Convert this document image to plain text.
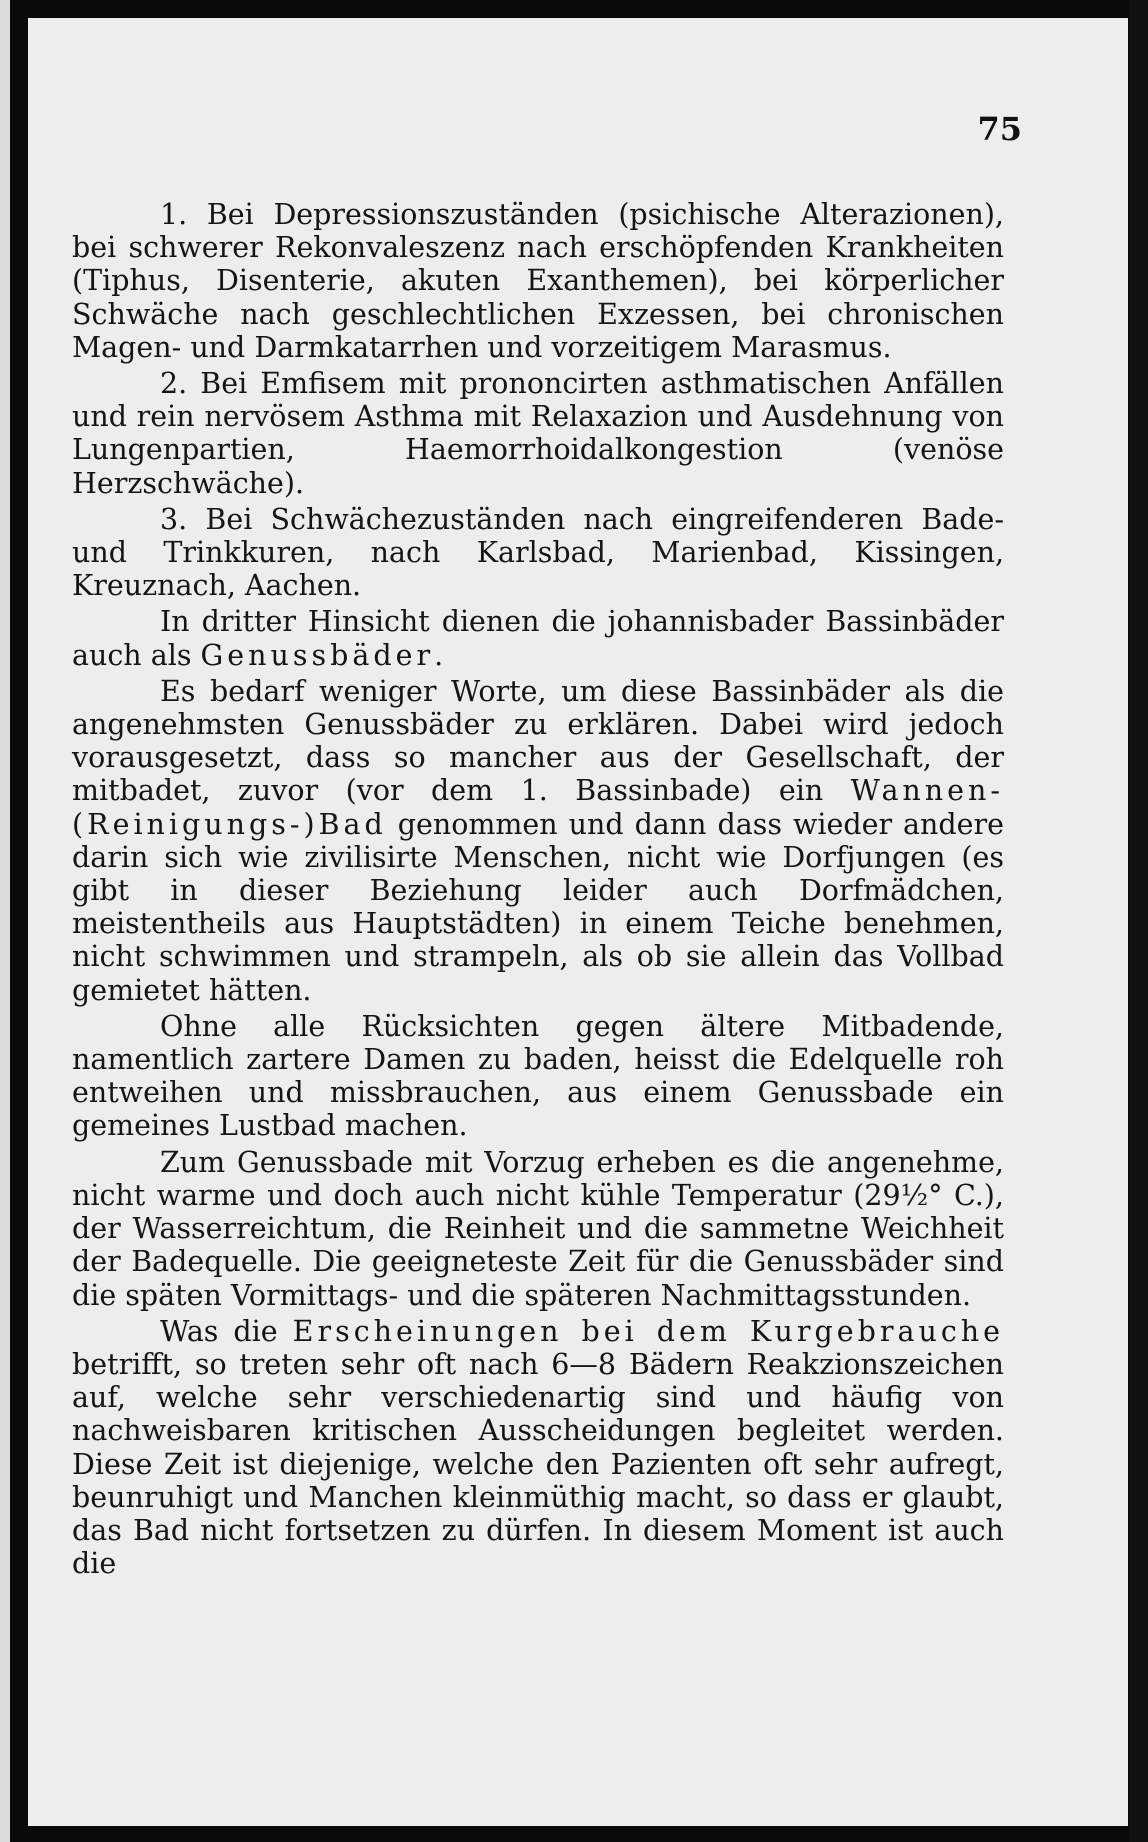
75

1. Bei Depressionszuständen (psichische Alterazionen), bei schwerer Rekonvaleszenz nach erschöpfenden Krankheiten (Tiphus, Disenterie, akuten Exanthemen), bei körperlicher Schwäche nach geschlechtlichen Exzessen, bei chronischen Magen- und Darmkatarrhen und vorzeitigem Marasmus.

2. Bei Emfisem mit prononcirten asthmatischen Anfällen und rein nervösem Asthma mit Relaxazion und Ausdehnung von Lungenpartien, Haemorrhoidalkongestion (venöse Herzschwäche).

3. Bei Schwächezuständen nach eingreifenderen Bade- und Trinkkuren, nach Karlsbad, Marienbad, Kissingen, Kreuznach, Aachen.

In dritter Hinsicht dienen die johannisbader Bassinbäder auch als Genussbäder.

Es bedarf weniger Worte, um diese Bassinbäder als die angenehmsten Genussbäder zu erklären. Dabei wird jedoch vorausgesetzt, dass so mancher aus der Gesellschaft, der mitbadet, zuvor (vor dem 1. Bassinbade) ein Wannen-(Reinigungs-)Bad genommen und dann dass wieder andere darin sich wie zivilisirte Menschen, nicht wie Dorfjungen (es gibt in dieser Beziehung leider auch Dorfmädchen, meistentheils aus Hauptstädten) in einem Teiche benehmen, nicht schwimmen und strampeln, als ob sie allein das Vollbad gemietet hätten.

Ohne alle Rücksichten gegen ältere Mitbadende, namentlich zartere Damen zu baden, heisst die Edelquelle roh entweihen und missbrauchen, aus einem Genussbade ein gemeines Lustbad machen.

Zum Genussbade mit Vorzug erheben es die angenehme, nicht warme und doch auch nicht kühle Temperatur (29½° C.), der Wasserreichtum, die Reinheit und die sammetne Weichheit der Badequelle. Die geeigneteste Zeit für die Genussbäder sind die späten Vormittags- und die späteren Nachmittagsstunden.

Was die Erscheinungen bei dem Kurgebrauche betrifft, so treten sehr oft nach 6—8 Bädern Reakzionszeichen auf, welche sehr verschiedenartig sind und häufig von nachweisbaren kritischen Ausscheidungen begleitet werden. Diese Zeit ist diejenige, welche den Pazienten oft sehr aufregt, beunruhigt und Manchen kleinmüthig macht, so dass er glaubt, das Bad nicht fortsetzen zu dürfen. In diesem Moment ist auch die
